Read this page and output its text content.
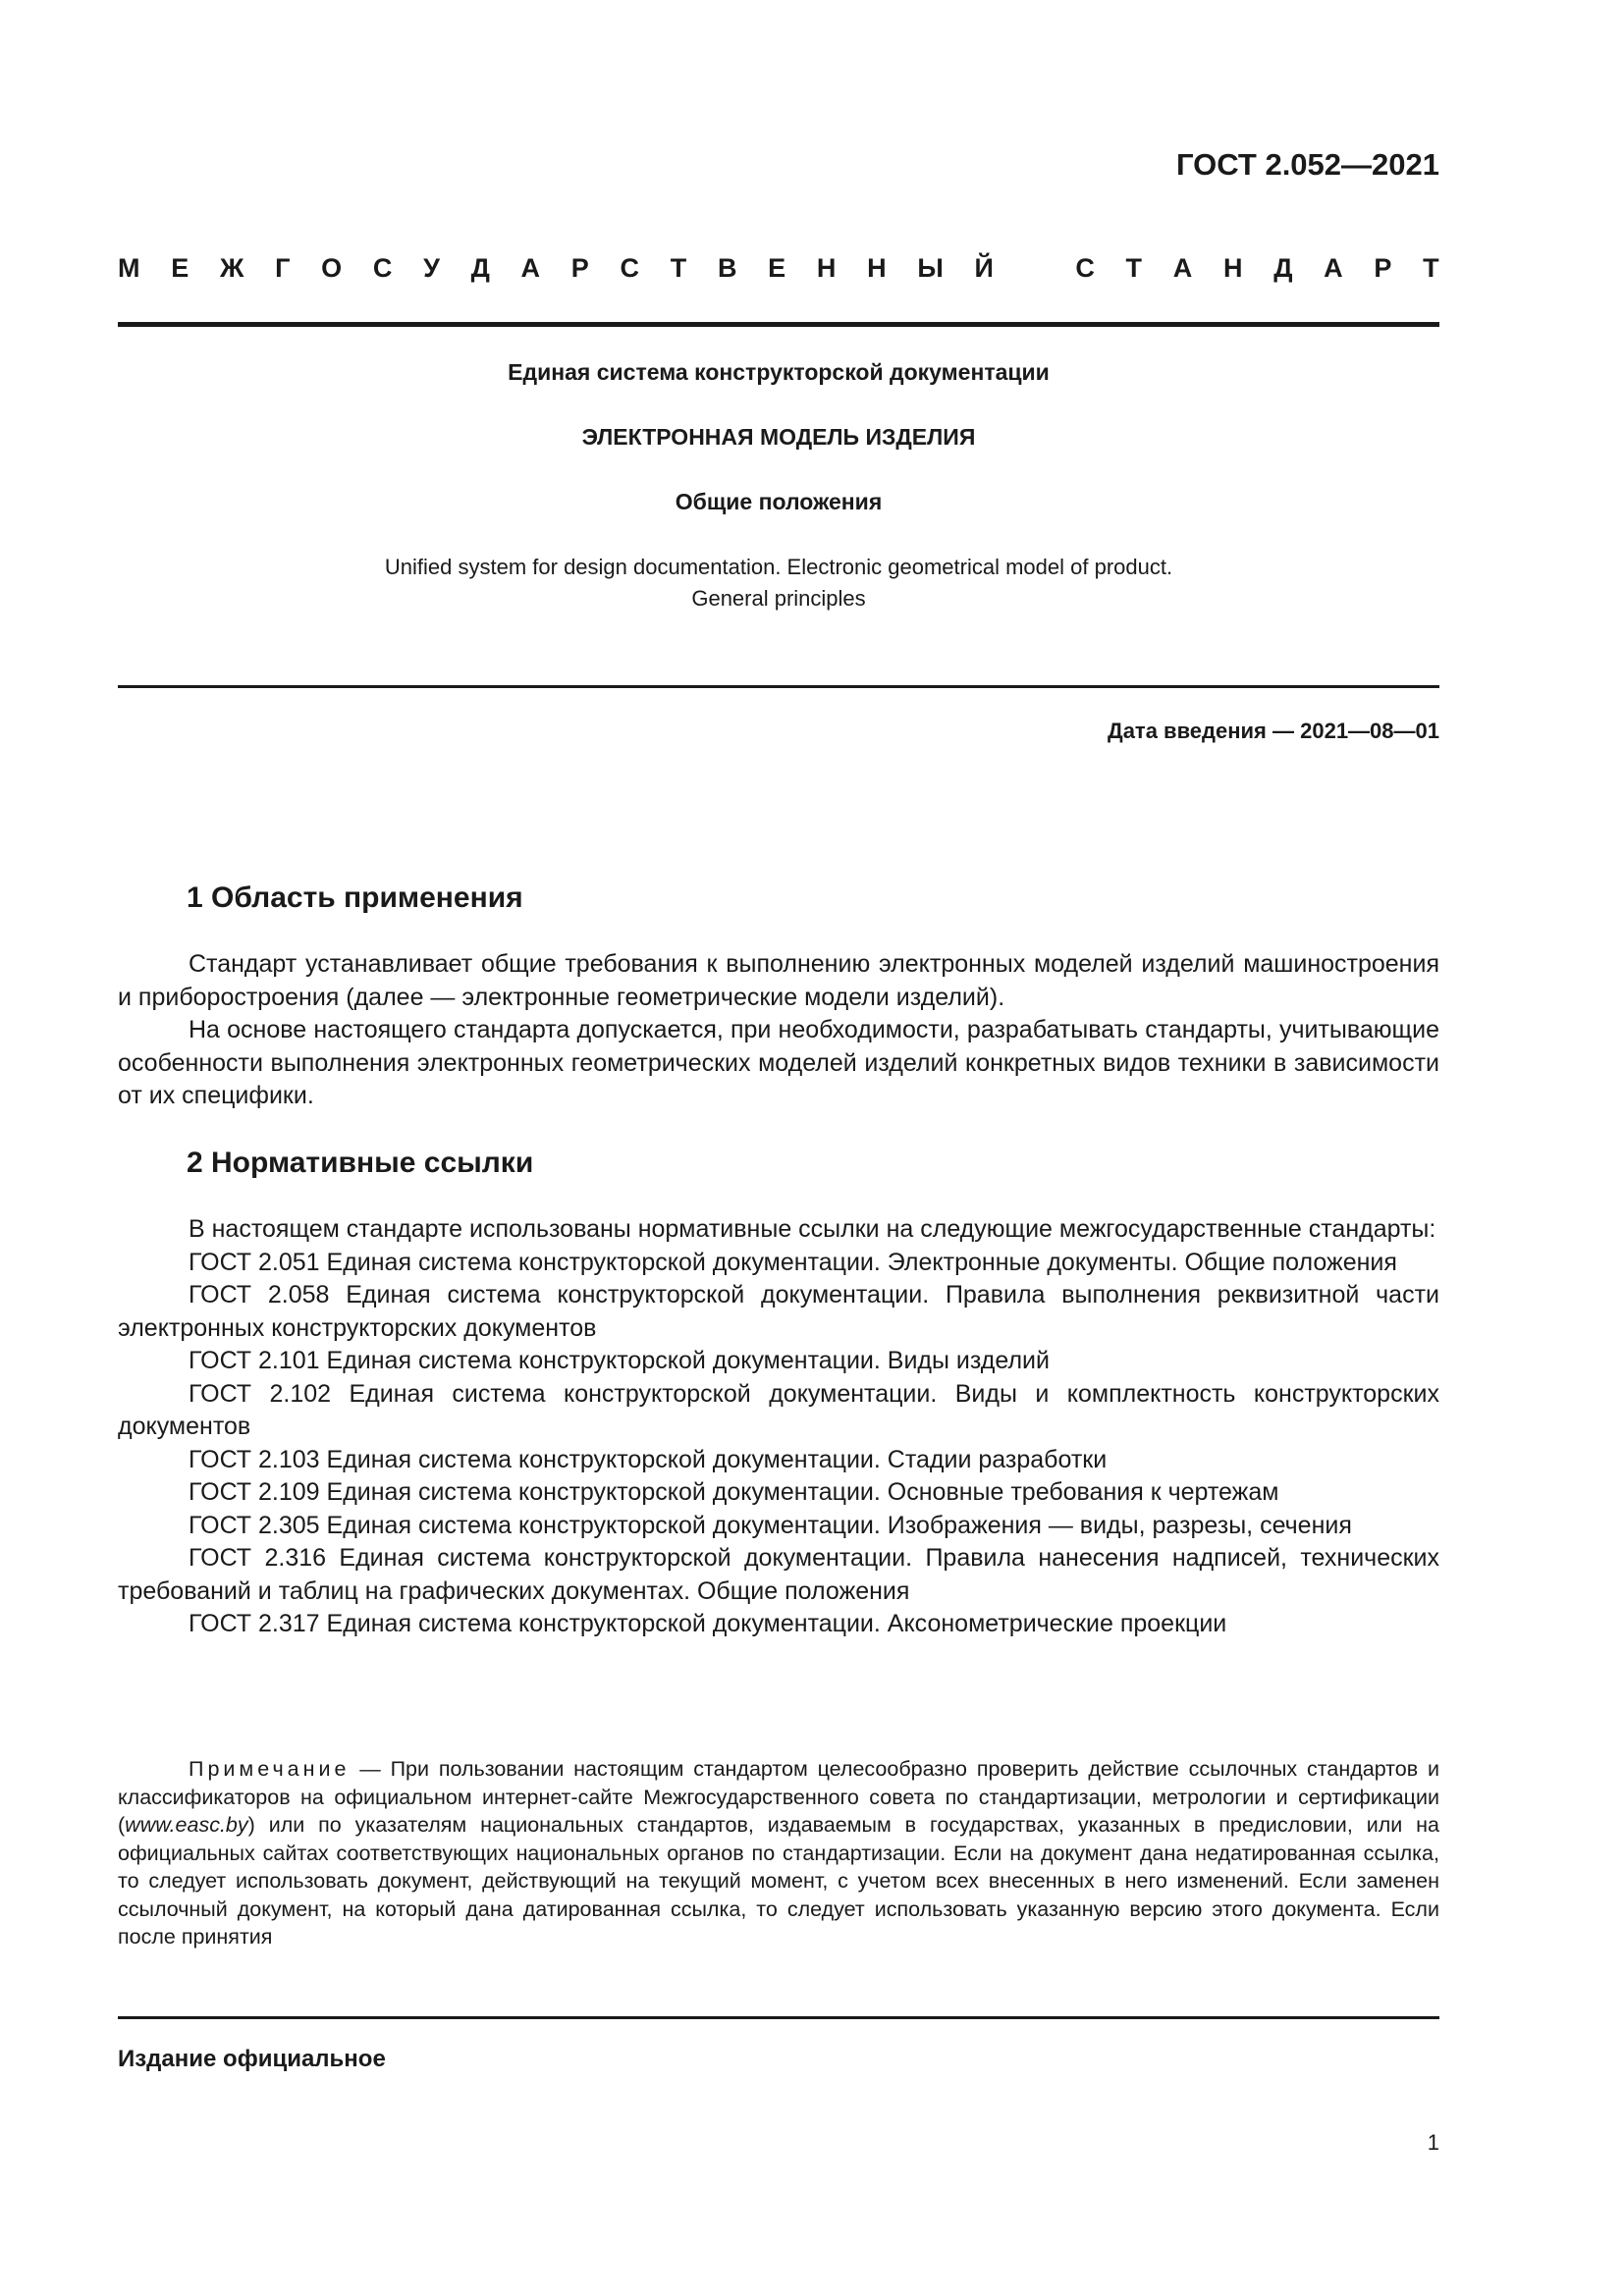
ГОСТ 2.052—2021
М Е Ж Г О С У Д А Р С Т В Е Н Н Ы Й	С Т А Н Д А Р Т
Единая система конструкторской документации
ЭЛЕКТРОННАЯ МОДЕЛЬ ИЗДЕЛИЯ
Общие положения
Unified system for design documentation. Electronic geometrical model of product.
General principles
Дата введения — 2021—08—01
1 Область применения

Стандарт устанавливает общие требования к выполнению электронных моделей изделий машиностроения и приборостроения (далее — электронные геометрические модели изделий).

На основе настоящего стандарта допускается, при необходимости, разрабатывать стандарты, учитывающие особенности выполнения электронных геометрических моделей изделий конкретных видов техники в зависимости от их специфики.

2 Нормативные ссылки

В настоящем стандарте использованы нормативные ссылки на следующие межгосударственные стандарты:

ГОСТ 2.051 Единая система конструкторской документации. Электронные документы. Общие положения

ГОСТ 2.058 Единая система конструкторской документации. Правила выполнения реквизитной части электронных конструкторских документов

ГОСТ 2.101 Единая система конструкторской документации. Виды изделий

ГОСТ 2.102 Единая система конструкторской документации. Виды и комплектность конструкторских документов

ГОСТ 2.103 Единая система конструкторской документации. Стадии разработки

ГОСТ 2.109 Единая система конструкторской документации. Основные требования к чертежам

ГОСТ 2.305 Единая система конструкторской документации. Изображения — виды, разрезы, сечения

ГОСТ 2.316 Единая система конструкторской документации. Правила нанесения надписей, технических требований и таблиц на графических документах. Общие положения

ГОСТ 2.317 Единая система конструкторской документации. Аксонометрические проекции

Примечание — При пользовании настоящим стандартом целесообразно проверить действие ссылочных стандартов и классификаторов на официальном интернет-сайте Межгосударственного совета по стандартизации, метрологии и сертификации (www.easc.by) или по указателям национальных стандартов, издаваемым в государствах, указанных в предисловии, или на официальных сайтах соответствующих национальных органов по стандартизации. Если на документ дана недатированная ссылка, то следует использовать документ, действующий на текущий момент, с учетом всех внесенных в него изменений. Если заменен ссылочный документ, на который дана датированная ссылка, то следует использовать указанную версию этого документа. Если после принятия

Издание официальное
1
